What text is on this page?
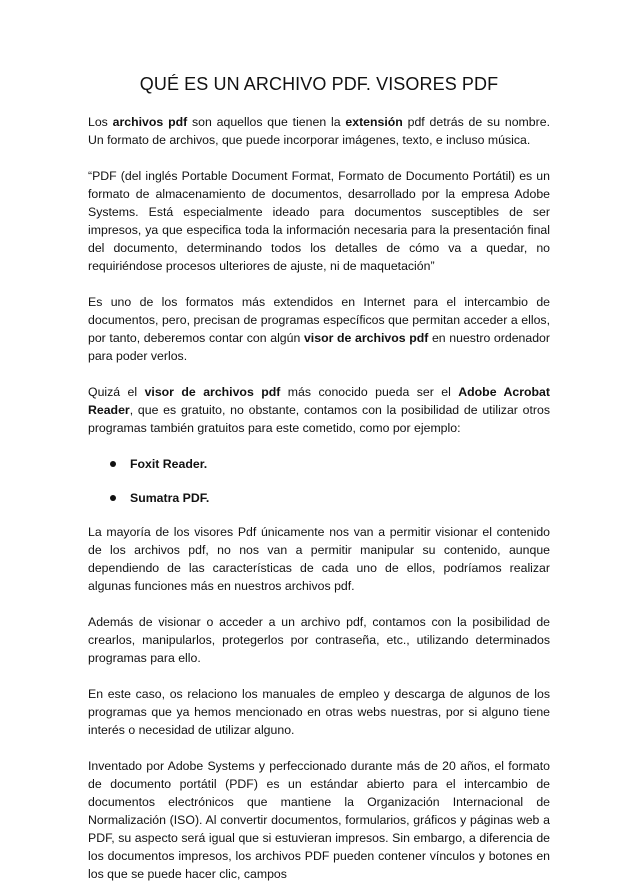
QUÉ ES UN ARCHIVO PDF. VISORES PDF

Los archivos pdf son aquellos que tienen la extensión pdf detrás de su nombre. Un formato de archivos, que puede incorporar imágenes, texto, e incluso música.

“PDF (del inglés Portable Document Format, Formato de Documento Portátil) es un formato de almacenamiento de documentos, desarrollado por la empresa Adobe Systems. Está especialmente ideado para documentos susceptibles de ser impresos, ya que especifica toda la información necesaria para la presentación final del documento, determinando todos los detalles de cómo va a quedar, no requiriéndose procesos ulteriores de ajuste, ni de maquetación”

Es uno de los formatos más extendidos en Internet para el intercambio de documentos, pero, precisan de programas específicos que permitan acceder a ellos, por tanto, deberemos contar con algún visor de archivos pdf en nuestro ordenador para poder verlos.

Quizá el visor de archivos pdf más conocido pueda ser el Adobe Acrobat Reader, que es gratuito, no obstante, contamos con la posibilidad de utilizar otros programas también gratuitos para este cometido, como por ejemplo:

Foxit Reader.
Sumatra PDF.

La mayoría de los visores Pdf únicamente nos van a permitir visionar el contenido de los archivos pdf, no nos van a permitir manipular su contenido, aunque dependiendo de las características de cada uno de ellos, podríamos realizar algunas funciones más en nuestros archivos pdf.

Además de visionar o acceder a un archivo pdf, contamos con la posibilidad de crearlos, manipularlos, protegerlos por contraseña, etc., utilizando determinados programas para ello.

En este caso, os relaciono los manuales de empleo y descarga de algunos de los programas que ya hemos mencionado en otras webs nuestras, por si alguno tiene interés o necesidad de utilizar alguno.

Inventado por Adobe Systems y perfeccionado durante más de 20 años, el formato de documento portátil (PDF) es un estándar abierto para el intercambio de documentos electrónicos que mantiene la Organización Internacional de Normalización (ISO). Al convertir documentos, formularios, gráficos y páginas web a PDF, su aspecto será igual que si estuvieran impresos. Sin embargo, a diferencia de los documentos impresos, los archivos PDF pueden contener vínculos y botones en los que se puede hacer clic, campos
